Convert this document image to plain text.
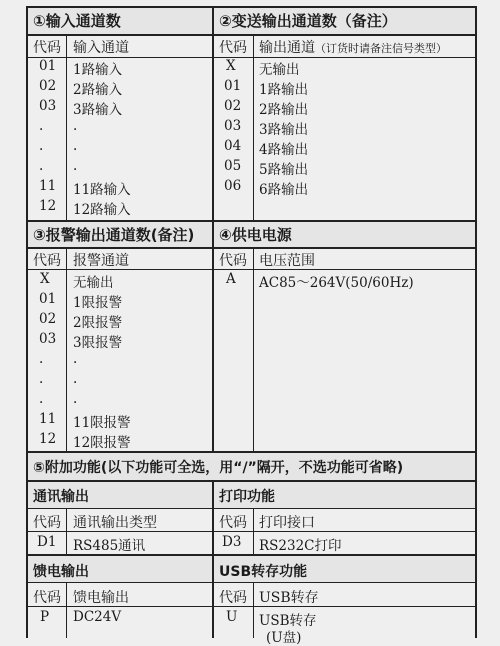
①输入通道数
代码 输入通道
01 1路输入
02 2路输入
03 3路输入
. .
. .
. .
11 11路输入
12 12路输入
②变送输出通道数（备注）
代码 输出通道（订货时请备注信号类型）
X 无输出
01 1路输出
02 2路输出
03 3路输出
04 4路输出
05 5路输出
06 6路输出
③报警输出通道数(备注)
代码 报警通道
X 无输出
01 1限报警
02 2限报警
03 3限报警
. .
. .
. .
11 11限报警
12 12限报警
④供电电源
代码 电压范围
A AC85～264V(50/60Hz)
⑤附加功能(以下功能可全选，用“/”隔开，不选功能可省略)
通讯输出	打印功能
代码 通讯输出类型	代码 打印接口
D1 RS485通讯	D3 RS232C打印
馈电输出	USB转存功能
代码 馈电输出	代码 USB转存
P DC24V	U USB转存
(U盘)
